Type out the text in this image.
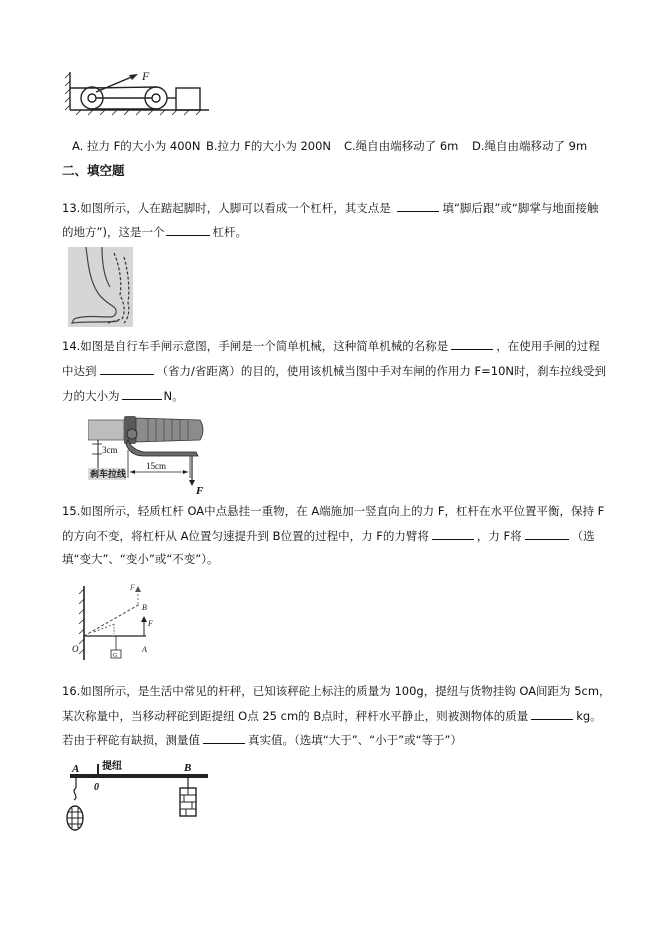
F
A. 拉力 F的大小为 400N B.拉力 F的大小为 200N C.绳自由端移动了 6m D.绳自由端移动了 9m
二、填空题
13.如图所示，人在踮起脚时，人脚可以看成一个杠杆，其支点是	填“脚后跟”或“脚掌与地面接触
的地方”)，这是一个	杠杆。
14.如图是自行车手闸示意图，手闸是一个简单机械，这种简单机械的名称是	，在使用手闸的过程
中达到	（省力/省距离）的目的，使用该机械当图中手对车闸的作用力 F=10N时，刹车拉线受到
力的大小为	N。
3cm
15cm
刹车拉线
F
15.如图所示，轻质杠杆 OA中点悬挂一重物，在 A端施加一竖直向上的力 F，杠杆在水平位置平衡，保持 F
的方向不变，将杠杆从 A位置匀速提升到 B位置的过程中，力 F的力臂将	，力 F将	（选
填“变大”、“变小”或“不变”）。
O	A
B
F
F
G
16.如图所示，是生活中常见的杆秤，已知该秤砣上标注的质量为 100g，提纽与货物挂钩 OA间距为 5cm，
某次称量中，当移动秤砣到距提纽 O点 25 cm的 B点时，秤杆水平静止，则被测物体的质量	kg。
若由于秤砣有缺损，测量值	真实值。（选填“大于”、“小于”或“等于”）
A
0
B
提纽
